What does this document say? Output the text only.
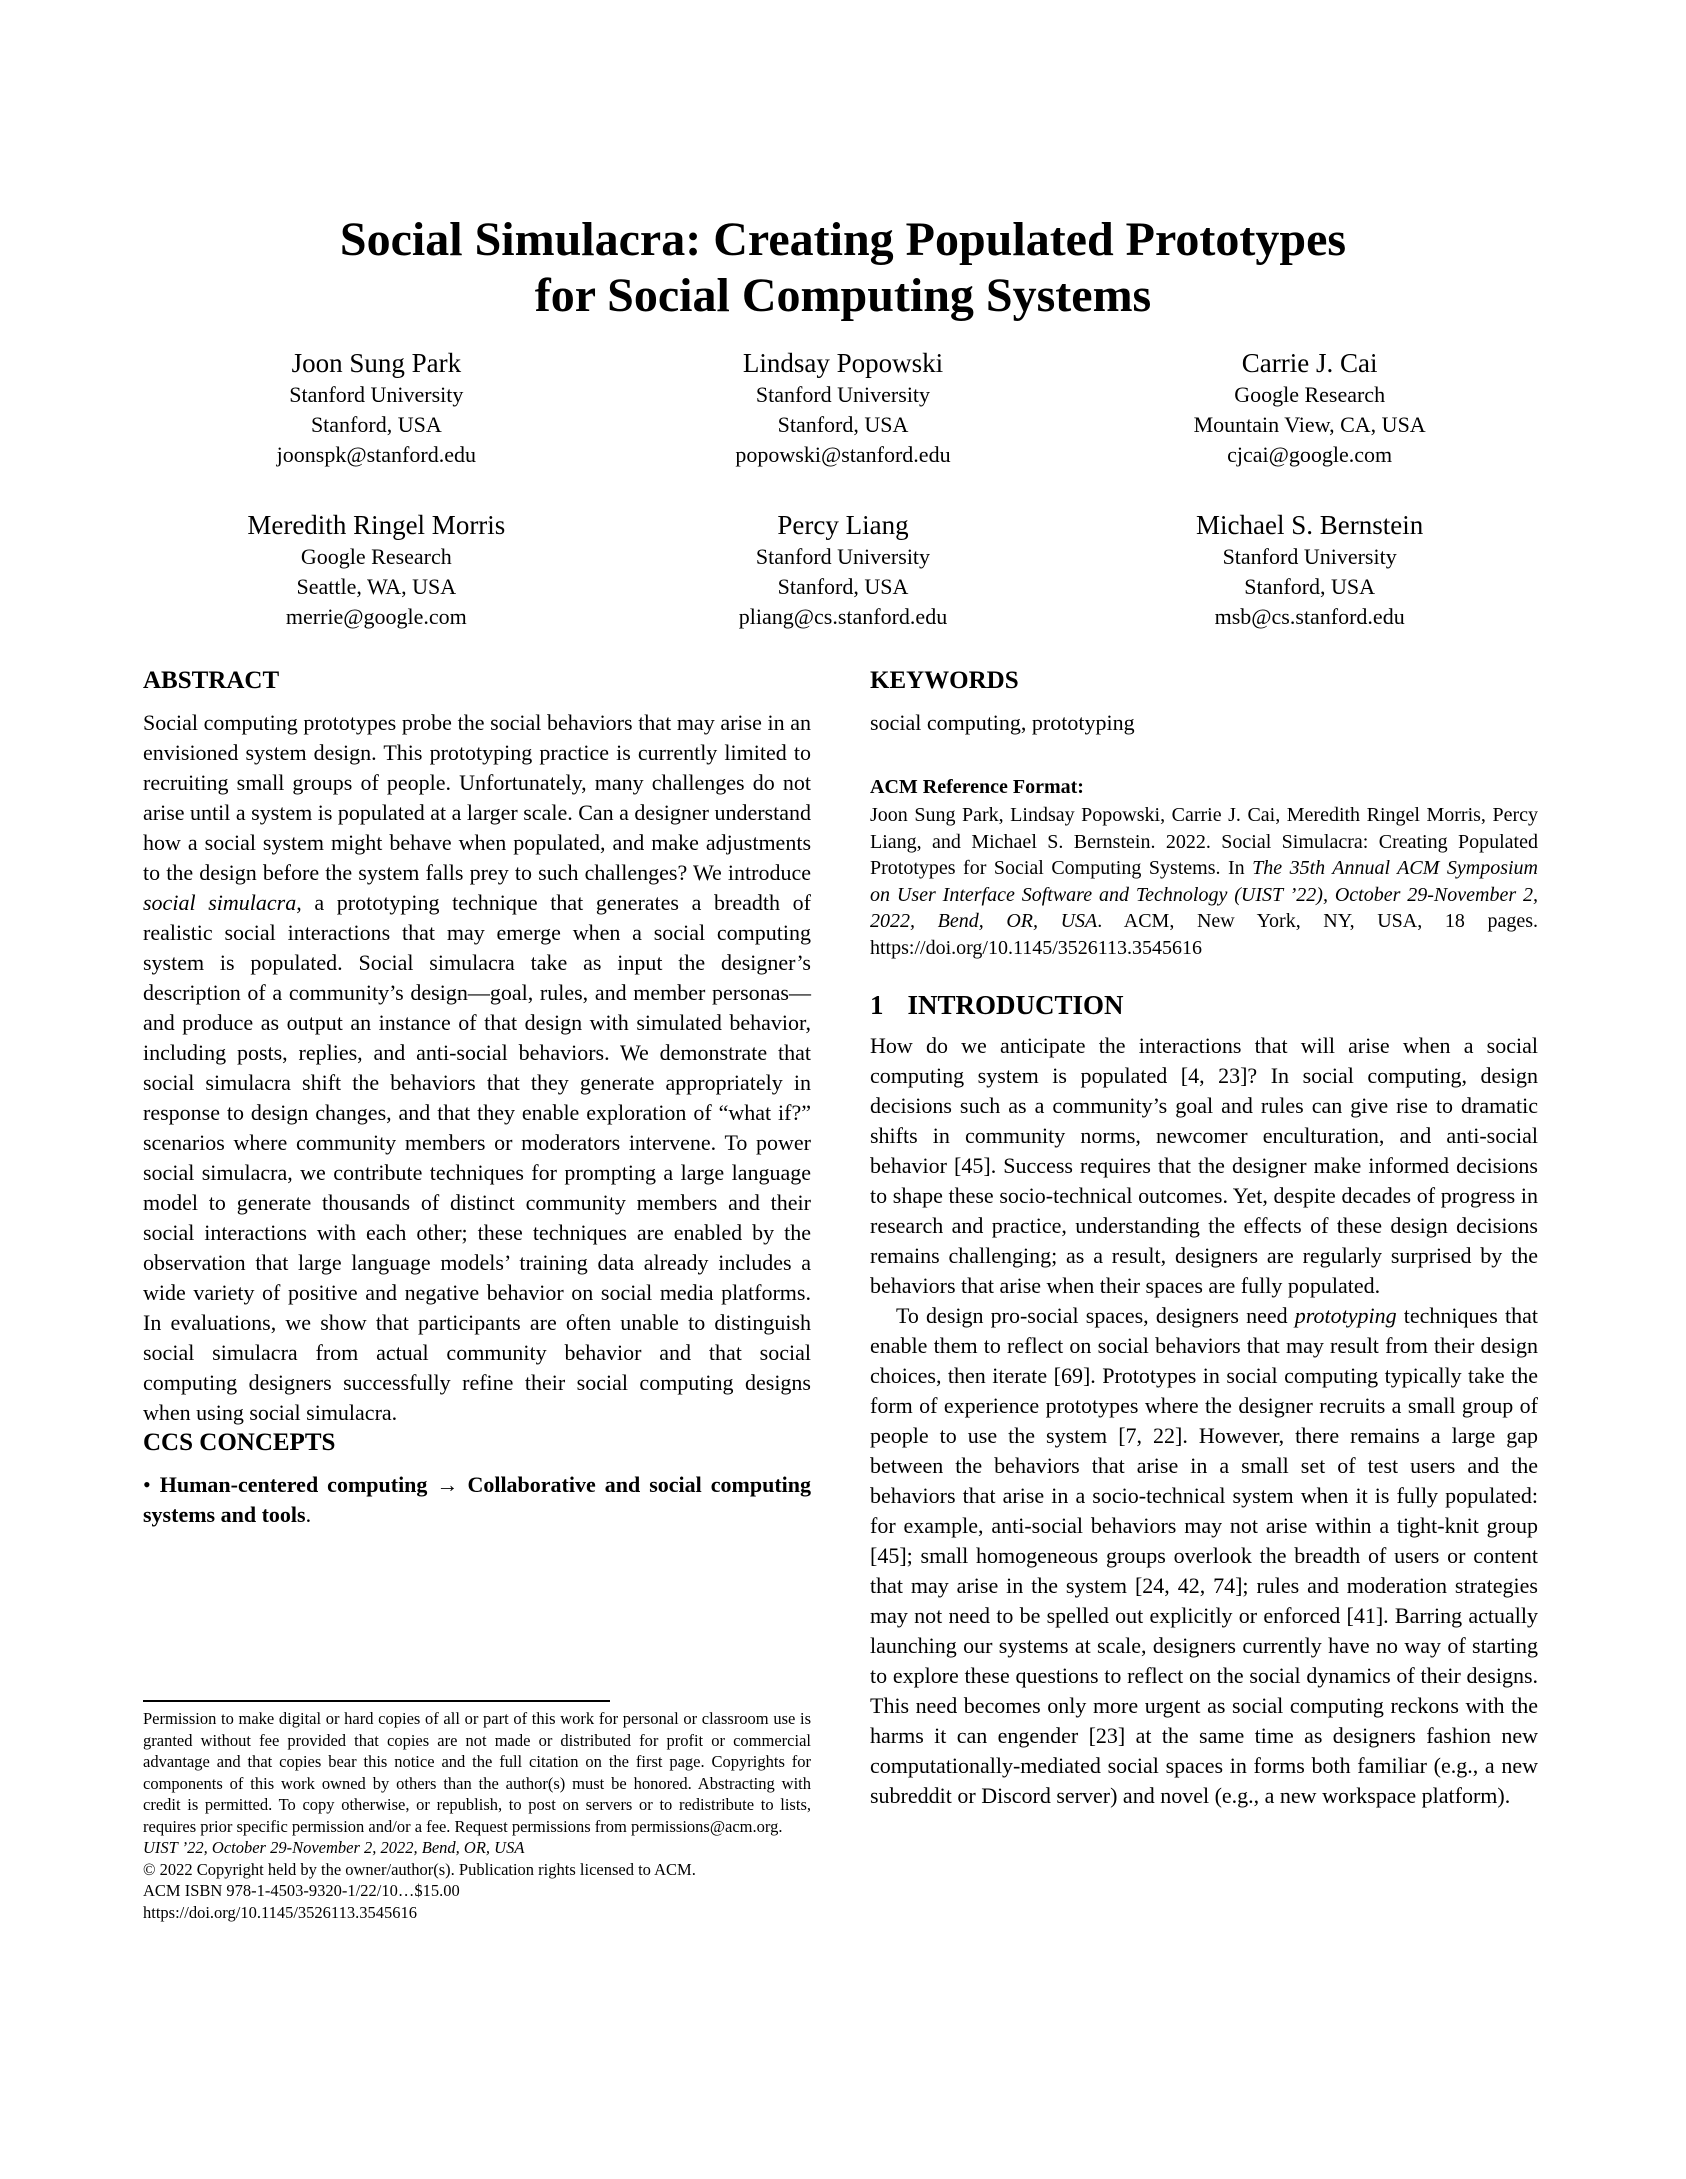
Social Simulacra: Creating Populated Prototypes
for Social Computing Systems
Joon Sung Park
Stanford University
Stanford, USA
joonspk@stanford.edu
Lindsay Popowski
Stanford University
Stanford, USA
popowski@stanford.edu
Carrie J. Cai
Google Research
Mountain View, CA, USA
cjcai@google.com
Meredith Ringel Morris
Google Research
Seattle, WA, USA
merrie@google.com
Percy Liang
Stanford University
Stanford, USA
pliang@cs.stanford.edu
Michael S. Bernstein
Stanford University
Stanford, USA
msb@cs.stanford.edu
ABSTRACT

Social computing prototypes probe the social behaviors that may arise in an envisioned system design. This prototyping practice is currently limited to recruiting small groups of people. Unfortunately, many challenges do not arise until a system is populated at a larger scale. Can a designer understand how a social system might behave when populated, and make adjustments to the design before the system falls prey to such challenges? We introduce social simulacra, a prototyping technique that generates a breadth of realistic social interactions that may emerge when a social computing system is populated. Social simulacra take as input the designer’s description of a community’s design—goal, rules, and member personas—and produce as output an instance of that design with simulated behavior, including posts, replies, and anti-social behaviors. We demonstrate that social simulacra shift the behaviors that they generate appropriately in response to design changes, and that they enable exploration of “what if?” scenarios where community members or moderators intervene. To power social simulacra, we contribute techniques for prompting a large language model to generate thousands of distinct community members and their social interactions with each other; these techniques are enabled by the observation that large language models’ training data already includes a wide variety of positive and negative behavior on social media platforms. In evaluations, we show that participants are often unable to distinguish social simulacra from actual community behavior and that social computing designers successfully refine their social computing designs when using social simulacra.

CCS CONCEPTS

• Human-centered computing → Collaborative and social computing systems and tools.

Permission to make digital or hard copies of all or part of this work for personal or classroom use is granted without fee provided that copies are not made or distributed for profit or commercial advantage and that copies bear this notice and the full citation on the first page. Copyrights for components of this work owned by others than the author(s) must be honored. Abstracting with credit is permitted. To copy otherwise, or republish, to post on servers or to redistribute to lists, requires prior specific permission and/or a fee. Request permissions from permissions@acm.org.
UIST ’22, October 29-November 2, 2022, Bend, OR, USA
© 2022 Copyright held by the owner/author(s). Publication rights licensed to ACM.
ACM ISBN 978-1-4503-9320-1/22/10…$15.00
https://doi.org/10.1145/3526113.3545616
KEYWORDS

social computing, prototyping

ACM Reference Format:

Joon Sung Park, Lindsay Popowski, Carrie J. Cai, Meredith Ringel Morris, Percy Liang, and Michael S. Bernstein. 2022. Social Simulacra: Creating Populated Prototypes for Social Computing Systems. In The 35th Annual ACM Symposium on User Interface Software and Technology (UIST ’22), October 29-November 2, 2022, Bend, OR, USA. ACM, New York, NY, USA, 18 pages. https://doi.org/10.1145/3526113.3545616

1 INTRODUCTION

How do we anticipate the interactions that will arise when a social computing system is populated [4, 23]? In social computing, design decisions such as a community’s goal and rules can give rise to dramatic shifts in community norms, newcomer enculturation, and anti-social behavior [45]. Success requires that the designer make informed decisions to shape these socio-technical outcomes. Yet, despite decades of progress in research and practice, understanding the effects of these design decisions remains challenging; as a result, designers are regularly surprised by the behaviors that arise when their spaces are fully populated.

To design pro-social spaces, designers need prototyping techniques that enable them to reflect on social behaviors that may result from their design choices, then iterate [69]. Prototypes in social computing typically take the form of experience prototypes where the designer recruits a small group of people to use the system [7, 22]. However, there remains a large gap between the behaviors that arise in a small set of test users and the behaviors that arise in a socio-technical system when it is fully populated: for example, anti-social behaviors may not arise within a tight-knit group [45]; small homogeneous groups overlook the breadth of users or content that may arise in the system [24, 42, 74]; rules and moderation strategies may not need to be spelled out explicitly or enforced [41]. Barring actually launching our systems at scale, designers currently have no way of starting to explore these questions to reflect on the social dynamics of their designs. This need becomes only more urgent as social computing reckons with the harms it can engender [23] at the same time as designers fashion new computationally-mediated social spaces in forms both familiar (e.g., a new subreddit or Discord server) and novel (e.g., a new workspace platform).
